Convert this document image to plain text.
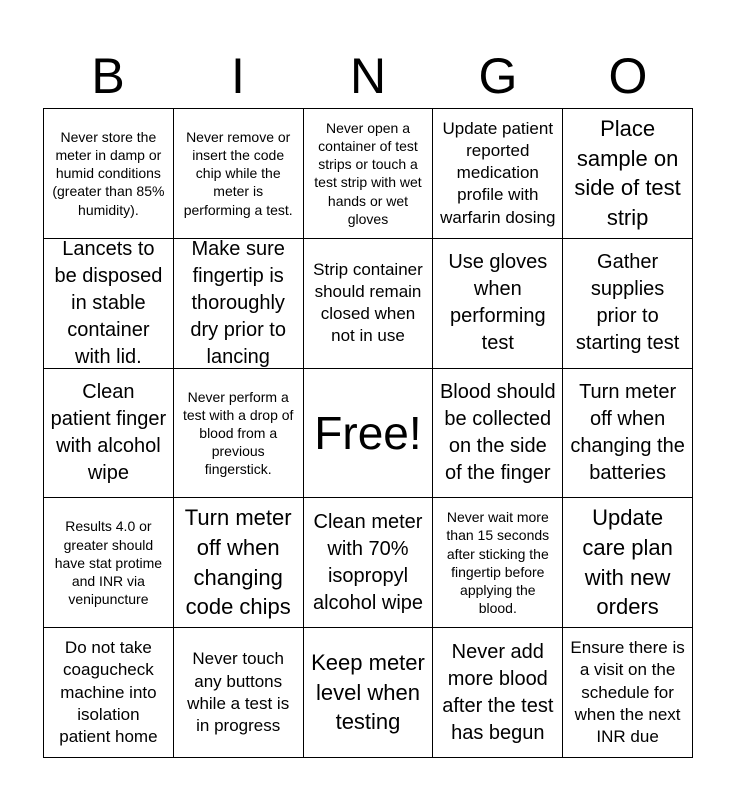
B	I	N	G	O
Never store the meter in damp or humid conditions (greater than 85% humidity).
Never remove or insert the code chip while the meter is performing a test.
Never open a container of test strips or touch a test strip with wet hands or wet gloves
Update patient reported medication profile with warfarin dosing
Place sample on side of test strip
Lancets to be disposed in stable container with lid.
Make sure fingertip is thoroughly dry prior to lancing
Strip container should remain closed when not in use
Use gloves when performing test
Gather supplies prior to starting test
Clean patient finger with alcohol wipe
Never perform a test with a drop of blood from a previous fingerstick.
Free!
Blood should be collected on the side of the finger
Turn meter off when changing the batteries
Results 4.0 or greater should have stat protime and INR via venipuncture
Turn meter off when changing code chips
Clean meter with 70% isopropyl alcohol wipe
Never wait more than 15 seconds after sticking the fingertip before applying the blood.
Update care plan with new orders
Do not take coagucheck machine into isolation patient home
Never touch any buttons while a test is in progress
Keep meter level when testing
Never add more blood after the test has begun
Ensure there is a visit on the schedule for when the next INR due
